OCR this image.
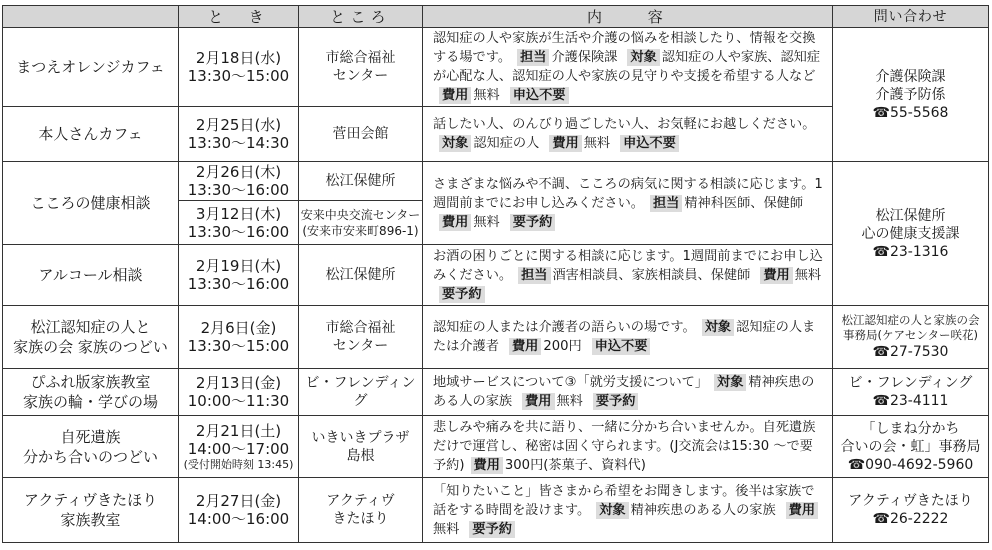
	と　き	ところ	内　　容	問い合わせ

まつえオレンジカフェ	2月18日(水)
13:30〜15:00	市総合福祉
センター	認知症の人や家族が生活や介護の悩みを相談したり、情報を交換する場です。 担当 介護保険課 対象 認知症の人や家族、認知症が心配な人、認知症の人や家族の見守りや支援を希望する人など費用 無料 申込不要	介護保険課
介護予防係
☎55-5568

本人さんカフェ	2月25日(水)
13:30〜14:30	菅田会館	話したい人、のんびり過ごしたい人、お気軽にお越しください。対象 認知症の人 費用 無料 申込不要	

こころの健康相談	2月26日(木)
13:30〜16:00	松江保健所	さまざまな悩みや不調、こころの病気に関する相談に応じます。1週間前までにお申し込みください。 担当 精神科医師、保健師費用 無料 要予約	松江保健所
心の健康支援課
☎23-1316

	3月12日(木)
13:30〜16:00	安来中央交流センター
(安来市安来町896-1)		

アルコール相談	2月19日(木)
13:30〜16:00	松江保健所	お酒の困りごとに関する相談に応じます。1週間前までにお申し込みください。 担当 酒害相談員、家族相談員、保健師 費用 無料要予約	

松江認知症の人と
家族の会 家族のつどい	2月6日(金)
13:30〜15:00	市総合福祉
センター	認知症の人または介護者の語らいの場です。 対象 認知症の人または介護者 費用 200円 申込不要	松江認知症の人と家族の会
事務局(ケアセンター咲花)
☎27-7530

ぴふれ版家族教室
家族の輪・学びの場	2月13日(金)
10:00〜11:30	ビ・フレンディング	地域サービスについて③「就労支援について」 対象 精神疾患のある人の家族 費用 無料 要予約	ビ・フレンディング
☎23-4111

自死遺族
分かち合いのつどい	2月21日(土)
14:00〜17:00
(受付開始時刻 13:45)	いきいきプラザ
島根	悲しみや痛みを共に語り、一緒に分かち合いませんか。自死遺族だけで運営し、秘密は固く守られます。(J交流会は15:30 〜で要予約) 費用 300円(茶菓子、資料代)	「しまね分かち
合いの会・虹」事務局
☎090-4692-5960

アクティヴきたほり
家族教室	2月27日(金)
14:00〜16:00	アクティヴ
きたほり	「知りたいこと」皆さまから希望をお聞きします。後半は家族で話をする時間を設けます。 対象 精神疾患のある人の家族 費用無料 要予約	アクティヴきたほり
☎26-2222
